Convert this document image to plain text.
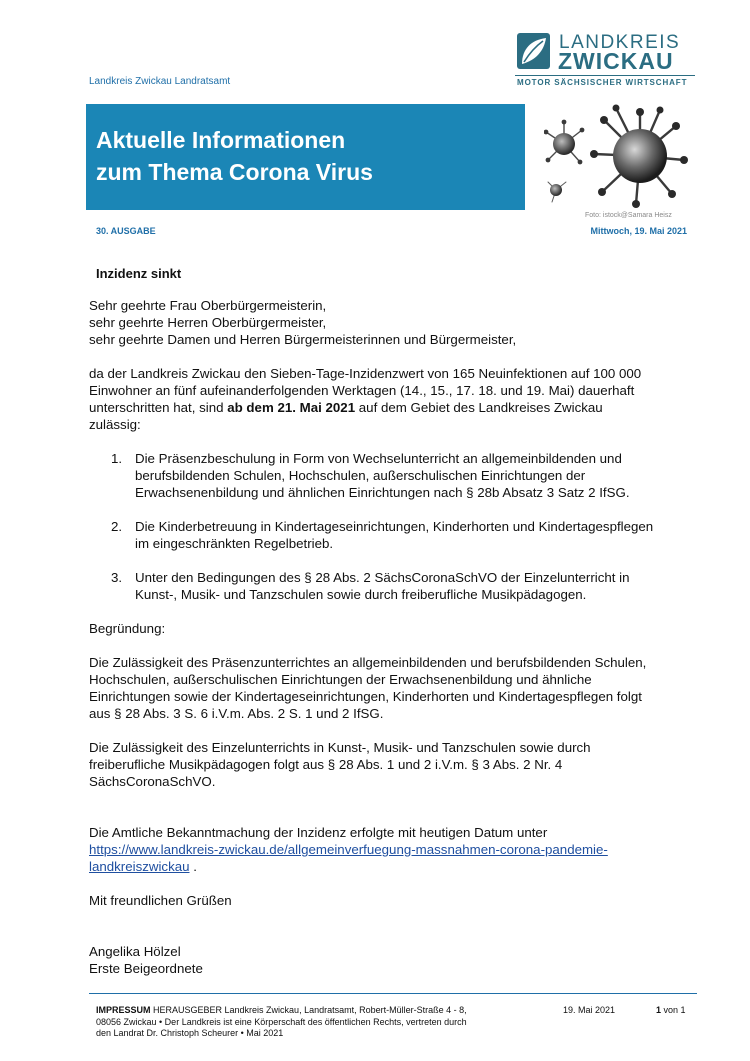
Landkreis Zwickau Landratsamt
LANDKREIS
ZWICKAU
MOTOR SÄCHSISCHER WIRTSCHAFT
Aktuelle Informationen
zum Thema Corona Virus
Foto: istock@Samara Heisz
30. AUSGABE	Mittwoch, 19. Mai 2021
Inzidenz sinkt
Sehr geehrte Frau Oberbürgermeisterin,
sehr geehrte Herren Oberbürgermeister,
sehr geehrte Damen und Herren Bürgermeisterinnen und Bürgermeister,
da der Landkreis Zwickau den Sieben-Tage-Inzidenzwert von 165 Neuinfektionen auf 100 000
Einwohner an fünf aufeinanderfolgenden Werktagen (14., 15., 17. 18. und 19. Mai) dauerhaft
unterschritten hat, sind ab dem 21. Mai 2021 auf dem Gebiet des Landkreises Zwickau
zulässig:
1. Die Präsenzbeschulung in Form von Wechselunterricht an allgemeinbildenden und
berufsbildenden Schulen, Hochschulen, außerschulischen Einrichtungen der
Erwachsenenbildung und ähnlichen Einrichtungen nach § 28b Absatz 3 Satz 2 IfSG.
2. Die Kinderbetreuung in Kindertageseinrichtungen, Kinderhorten und Kindertagespflegen
im eingeschränkten Regelbetrieb.
3. Unter den Bedingungen des § 28 Abs. 2 SächsCoronaSchVO der Einzelunterricht in
Kunst-, Musik- und Tanzschulen sowie durch freiberufliche Musikpädagogen.
Begründung:
Die Zulässigkeit des Präsenzunterrichtes an allgemeinbildenden und berufsbildenden Schulen,
Hochschulen, außerschulischen Einrichtungen der Erwachsenenbildung und ähnliche
Einrichtungen sowie der Kindertageseinrichtungen, Kinderhorten und Kindertagespflegen folgt
aus § 28 Abs. 3 S. 6 i.V.m. Abs. 2 S. 1 und 2 IfSG.
Die Zulässigkeit des Einzelunterrichts in Kunst-, Musik- und Tanzschulen sowie durch
freiberufliche Musikpädagogen folgt aus § 28 Abs. 1 und 2 i.V.m. § 3 Abs. 2 Nr. 4
SächsCoronaSchVO.
Die Amtliche Bekanntmachung der Inzidenz erfolgte mit heutigen Datum unter
https://www.landkreis-zwickau.de/allgemeinverfuegung-massnahmen-corona-pandemie-
landkreiszwickau .
Mit freundlichen Grüßen
Angelika Hölzel
Erste Beigeordnete
IMPRESSUM HERAUSGEBER Landkreis Zwickau, Landratsamt, Robert-Müller-Straße 4 - 8,
08056 Zwickau • Der Landkreis ist eine Körperschaft des öffentlichen Rechts, vertreten durch
den Landrat Dr. Christoph Scheurer • Mai 2021
19. Mai 2021	1 von 1
